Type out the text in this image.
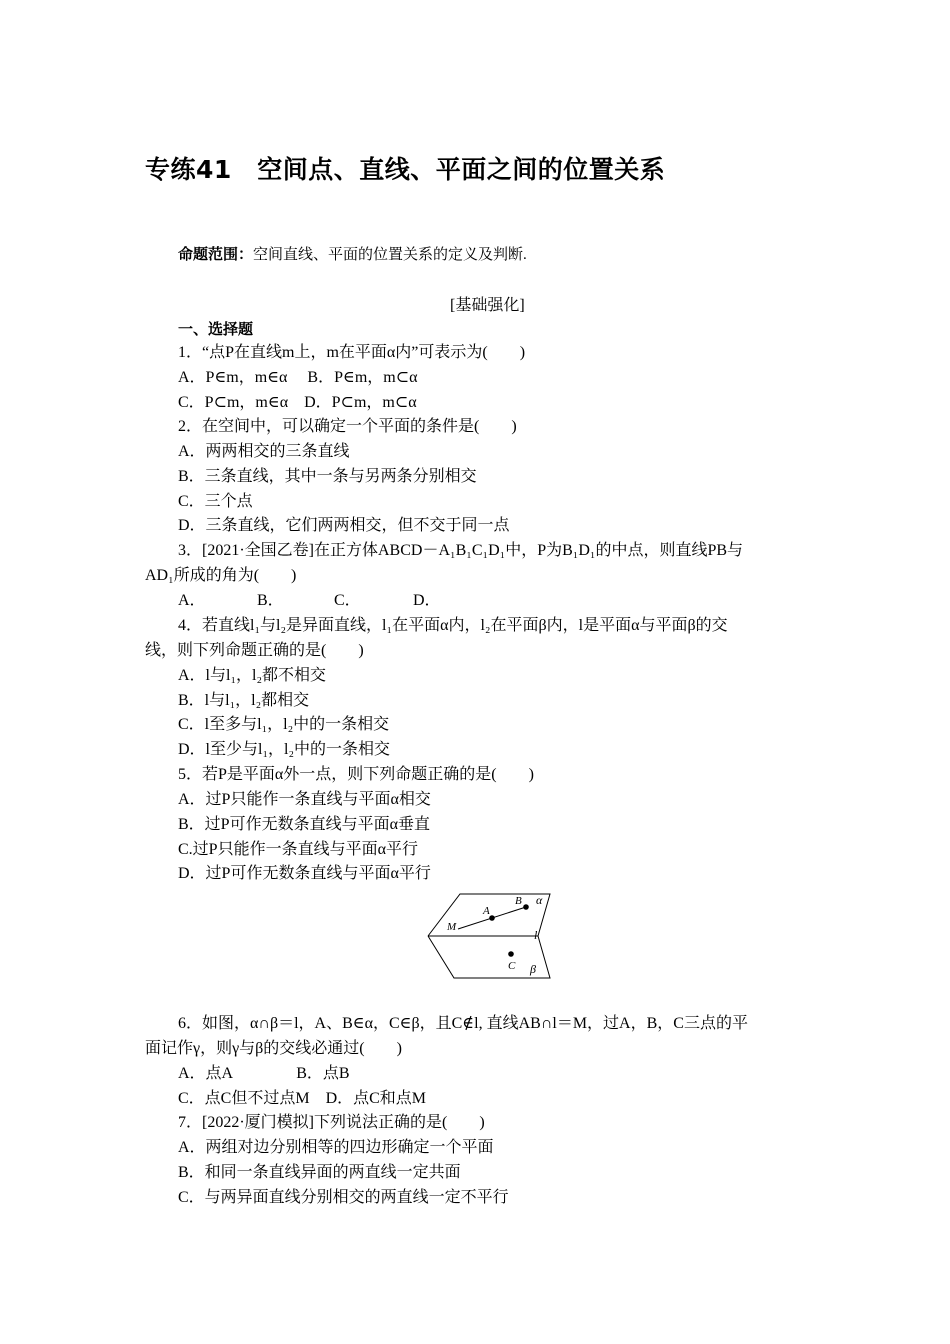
专练41　空间点、直线、平面之间的位置关系
命题范围：空间直线、平面的位置关系的定义及判断.
[基础强化]
一、选择题
1．“点P在直线m上，m在平面α内”可表示为(　　)
A．P∈m，m∈α　 B．P∈m，m⊂α
C．P⊂m，m∈α　D．P⊂m，m⊂α
2．在空间中，可以确定一个平面的条件是(　　)
A．两两相交的三条直线
B．三条直线，其中一条与另两条分别相交
C．三个点
D．三条直线，它们两两相交，但不交于同一点
3．[2021·全国乙卷]在正方体ABCD－A₁B₁C₁D₁中，P为B₁D₁的中点，则直线PB与
AD₁所成的角为(　　)
A．	B．	C．	D．
4．若直线l₁与l₂是异面直线，l₁在平面α内，l₂在平面β内，l是平面α与平面β的交
线，则下列命题正确的是(　　)
A．l与l₁，l₂都不相交
B．l与l₁，l₂都相交
C．l至多与l₁，l₂中的一条相交
D．l至少与l₁，l₂中的一条相交
5．若P是平面α外一点，则下列命题正确的是(　　)
A．过P只能作一条直线与平面α相交
B．过P可作无数条直线与平面α垂直
C.过P只能作一条直线与平面α平行
D．过P可作无数条直线与平面α平行
α
β
l
M
A
B
C
6．如图，α∩β＝l，A、B∈α，C∈β，且C∉l, 直线AB∩l＝M，过A，B，C三点的平
面记作γ，则γ与β的交线必通过(　　)
A．点A　　　　B．点B
C．点C但不过点M　D．点C和点M
7．[2022·厦门模拟]下列说法正确的是(　　)
A．两组对边分别相等的四边形确定一个平面
B．和同一条直线异面的两直线一定共面
C．与两异面直线分别相交的两直线一定不平行
